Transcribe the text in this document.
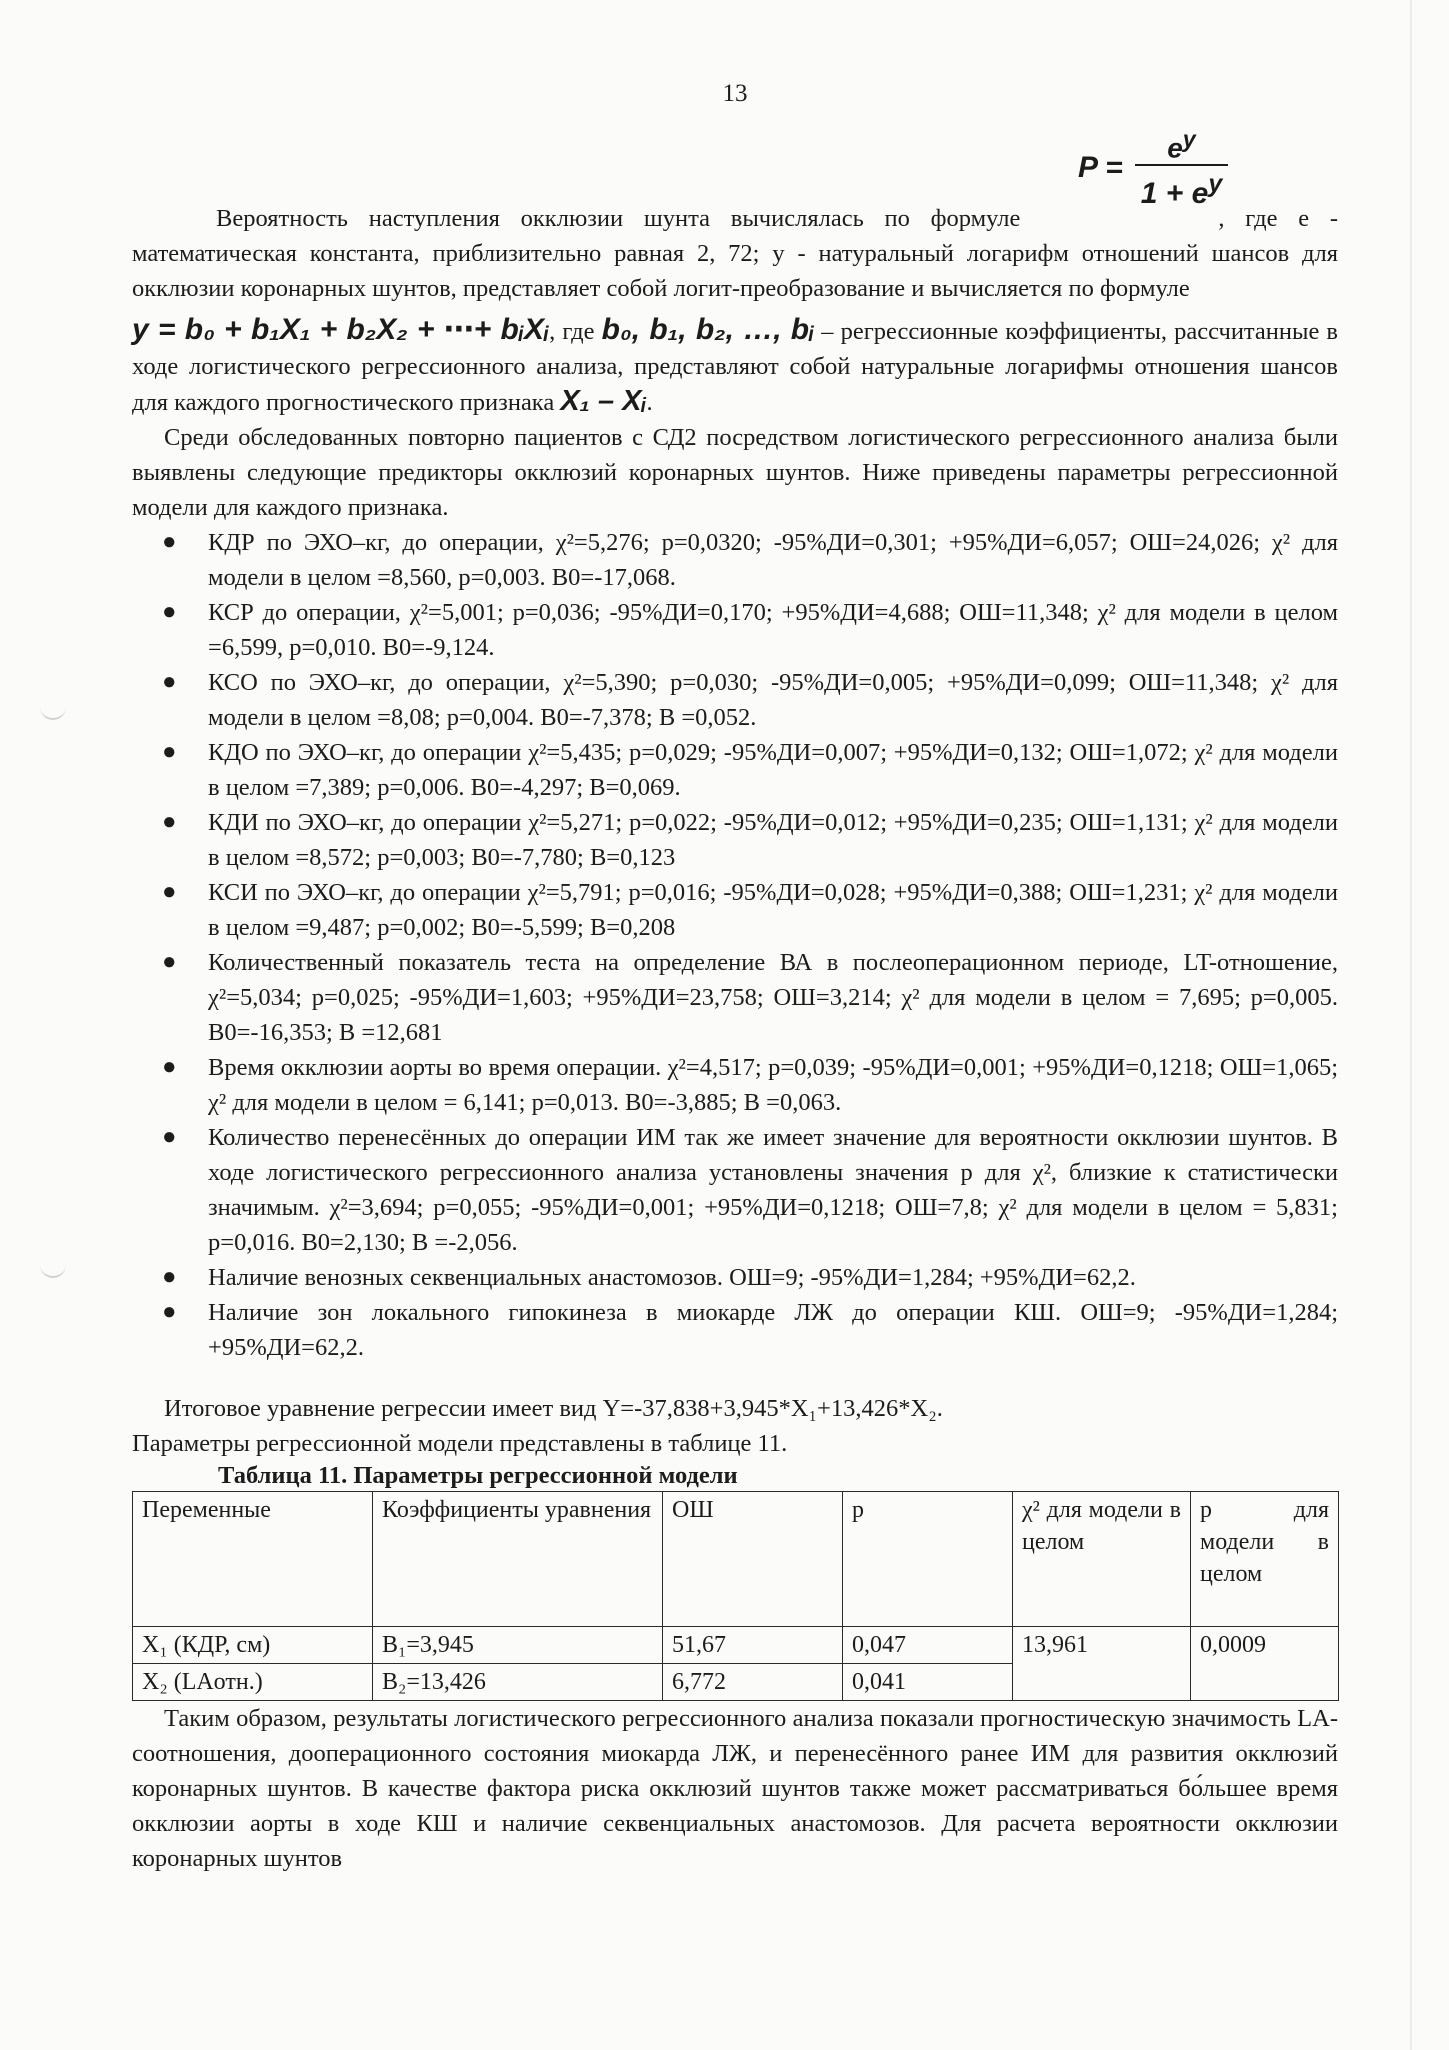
13
$P = \frac{e^y}{1 + e^y}$

Вероятность наступления окклюзии шунта вычислялась по формуле	, где e - математическая константа, приблизительно равная 2, 72; у - натуральный логарифм отношений шансов для окклюзии коронарных шунтов, представляет собой логит-преобразование и вычисляется по формуле

y = b₀ + b₁X₁ + b₂X₂ + ⋯+ bᵢXᵢ, где b₀, b₁, b₂, …, bᵢ – регрессионные коэффициенты, рассчитанные в ходе логистического регрессионного анализа, представляют собой натуральные логарифмы отношения шансов для каждого прогностического признака X₁ – Xᵢ.

Среди обследованных повторно пациентов с СД2 посредством логистического регрессионного анализа были выявлены следующие предикторы окклюзий коронарных шунтов. Ниже приведены параметры регрессионной модели для каждого признака.

● КДР по ЭХО–кг, до операции, χ²=5,276; р=0,0320; -95%ДИ=0,301; +95%ДИ=6,057; ОШ=24,026; χ² для модели в целом =8,560, р=0,003. В0=-17,068.
● КСР до операции, χ²=5,001; р=0,036; -95%ДИ=0,170; +95%ДИ=4,688; ОШ=11,348; χ² для модели в целом =6,599, р=0,010. В0=-9,124.
● КСО по ЭХО–кг, до операции, χ²=5,390; р=0,030; -95%ДИ=0,005; +95%ДИ=0,099; ОШ=11,348; χ² для модели в целом =8,08; р=0,004. В0=-7,378; В =0,052.
● КДО по ЭХО–кг, до операции χ²=5,435; р=0,029; -95%ДИ=0,007; +95%ДИ=0,132; ОШ=1,072; χ² для модели в целом =7,389; р=0,006. В0=-4,297; В=0,069.
● КДИ по ЭХО–кг, до операции χ²=5,271; р=0,022; -95%ДИ=0,012; +95%ДИ=0,235; ОШ=1,131; χ² для модели в целом =8,572; р=0,003; В0=-7,780; В=0,123
● КСИ по ЭХО–кг, до операции χ²=5,791; р=0,016; -95%ДИ=0,028; +95%ДИ=0,388; ОШ=1,231; χ² для модели в целом =9,487; р=0,002; В0=-5,599; В=0,208
● Количественный показатель теста на определение ВА в послеоперационном периоде, LT-отношение, χ²=5,034; р=0,025; -95%ДИ=1,603; +95%ДИ=23,758; ОШ=3,214; χ² для модели в целом = 7,695; р=0,005. В0=-16,353; В =12,681
● Время окклюзии аорты во время операции. χ²=4,517; р=0,039; -95%ДИ=0,001; +95%ДИ=0,1218; ОШ=1,065; χ² для модели в целом = 6,141; р=0,013. В0=-3,885; В =0,063.
● Количество перенесённых до операции ИМ так же имеет значение для вероятности окклюзии шунтов. В ходе логистического регрессионного анализа установлены значения р для χ², близкие к статистически значимым. χ²=3,694; р=0,055; -95%ДИ=0,001; +95%ДИ=0,1218; ОШ=7,8; χ² для модели в целом = 5,831; р=0,016. В0=2,130; В =-2,056.
● Наличие венозных секвенциальных анастомозов. ОШ=9; -95%ДИ=1,284; +95%ДИ=62,2.
● Наличие зон локального гипокинеза в миокарде ЛЖ до операции КШ. ОШ=9; -95%ДИ=1,284; +95%ДИ=62,2.

Итоговое уравнение регрессии имеет вид Y=-37,838+3,945*X₁+13,426*X₂.

Параметры регрессионной модели представлены в таблице 11.

Таблица 11. Параметры регрессионной модели
Переменные	Коэффициенты уравнения	ОШ	р	χ² для модели в целом	р для модели в целом
X₁ (КДР, см)	B₁=3,945	51,67	0,047	13,961	0,0009
X₂ (LAотн.)	B₂=13,426	6,772	0,041		

Таким образом, результаты логистического регрессионного анализа показали прогностическую значимость LA-соотношения, дооперационного состояния миокарда ЛЖ, и перенесённого ранее ИМ для развития окклюзий коронарных шунтов. В качестве фактора риска окклюзий шунтов также может рассматриваться бо́льшее время окклюзии аорты в ходе КШ и наличие секвенциальных анастомозов. Для расчета вероятности окклюзии коронарных шунтов
